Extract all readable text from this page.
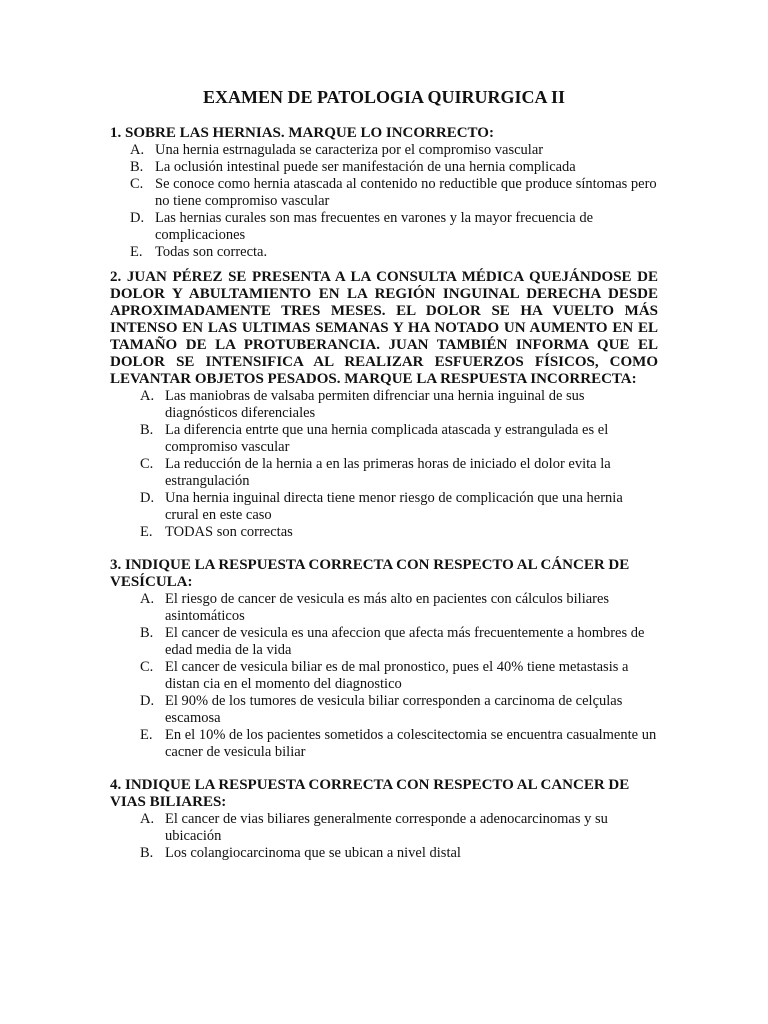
EXAMEN DE PATOLOGIA QUIRURGICA II

1. SOBRE LAS HERNIAS. MARQUE LO INCORRECTO:

A. Una hernia estrnagulada se caracteriza por el compromiso vascular
B. La oclusión intestinal puede ser manifestación de una hernia complicada
C. Se conoce como hernia atascada al contenido no reductible que produce síntomas pero no tiene compromiso vascular
D. Las hernias curales son mas frecuentes en varones y la mayor frecuencia de complicaciones
E. Todas son correcta.

2. JUAN PÉREZ SE PRESENTA A LA CONSULTA MÉDICA QUEJÁNDOSE DE DOLOR Y ABULTAMIENTO EN LA REGIÓN INGUINAL DERECHA DESDE APROXIMADAMENTE TRES MESES. EL DOLOR SE HA VUELTO MÁS INTENSO EN LAS ULTIMAS SEMANAS Y HA NOTADO UN AUMENTO EN EL TAMAÑO DE LA PROTUBERANCIA. JUAN TAMBIÉN INFORMA QUE EL DOLOR SE INTENSIFICA AL REALIZAR ESFUERZOS FÍSICOS, COMO LEVANTAR OBJETOS PESADOS. MARQUE LA RESPUESTA INCORRECTA:

A. Las maniobras de valsaba permiten difrenciar una hernia inguinal de sus diagnósticos diferenciales
B. La diferencia entrte que una hernia complicada atascada y estrangulada es el compromiso vascular
C. La reducción de la hernia a en las primeras horas de iniciado el dolor evita la estrangulación
D. Una hernia inguinal directa tiene menor riesgo de complicación que una hernia crural en este caso
E. TODAS son correctas

3. INDIQUE LA RESPUESTA CORRECTA CON RESPECTO AL CÁNCER DE VESÍCULA:

A. El riesgo de cancer de vesicula es más alto en pacientes con cálculos biliares asintomáticos
B. El cancer de vesicula es una afeccion que afecta más frecuentemente a hombres de edad media de la vida
C. El cancer de vesicula biliar es de mal pronostico, pues el 40% tiene metastasis a distan cia en el momento del diagnostico
D. El 90% de los tumores de vesicula biliar corresponden a carcinoma de celçulas escamosa
E. En el 10% de los pacientes sometidos a colescitectomia se encuentra casualmente un cacner de vesicula biliar

4. INDIQUE LA RESPUESTA CORRECTA CON RESPECTO AL CANCER DE VIAS BILIARES:

A. El cancer de vias biliares generalmente corresponde a adenocarcinomas y su ubicación
B. Los colangiocarcinoma que se ubican a nivel distal
